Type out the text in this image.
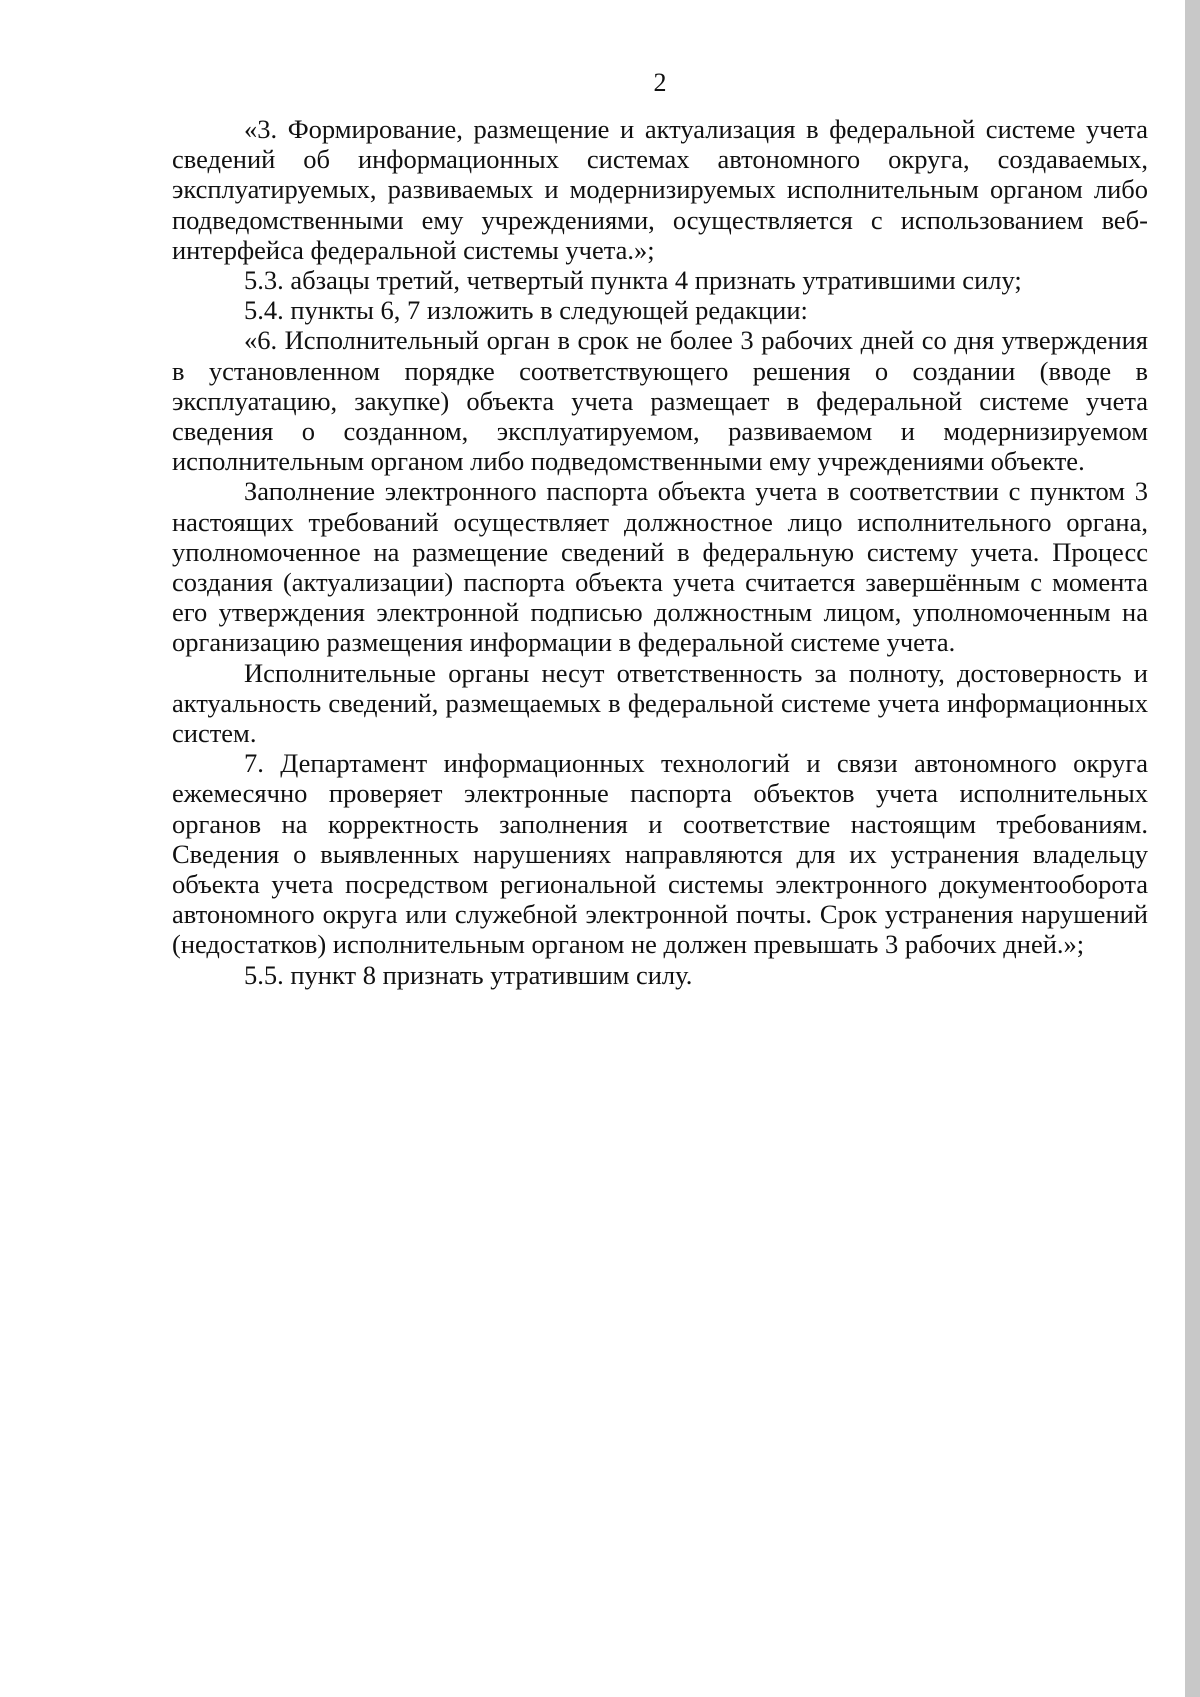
2

«3. Формирование, размещение и актуализация в федеральной системе учета сведений об информационных системах автономного округа, создаваемых, эксплуатируемых, развиваемых и модернизируемых исполнительным органом либо подведомственными ему учреждениями, осуществляется с использованием веб-интерфейса федеральной системы учета.»;

5.3. абзацы третий, четвертый пункта 4 признать утратившими силу;

5.4. пункты 6, 7 изложить в следующей редакции:

«6. Исполнительный орган в срок не более 3 рабочих дней со дня утверждения в установленном порядке соответствующего решения о создании (вводе в эксплуатацию, закупке) объекта учета размещает в федеральной системе учета сведения о созданном, эксплуатируемом, развиваемом и модернизируемом исполнительным органом либо подведомственными ему учреждениями объекте.

Заполнение электронного паспорта объекта учета в соответствии с пунктом 3 настоящих требований осуществляет должностное лицо исполнительного органа, уполномоченное на размещение сведений в федеральную систему учета. Процесс создания (актуализации) паспорта объекта учета считается завершённым с момента его утверждения электронной подписью должностным лицом, уполномоченным на организацию размещения информации в федеральной системе учета.

Исполнительные органы несут ответственность за полноту, достоверность и актуальность сведений, размещаемых в федеральной системе учета информационных систем.

7. Департамент информационных технологий и связи автономного округа ежемесячно проверяет электронные паспорта объектов учета исполнительных органов на корректность заполнения и соответствие настоящим требованиям. Сведения о выявленных нарушениях направляются для их устранения владельцу объекта учета посредством региональной системы электронного документооборота автономного округа или служебной электронной почты. Срок устранения нарушений (недостатков) исполнительным органом не должен превышать 3 рабочих дней.»;

5.5. пункт 8 признать утратившим силу.
